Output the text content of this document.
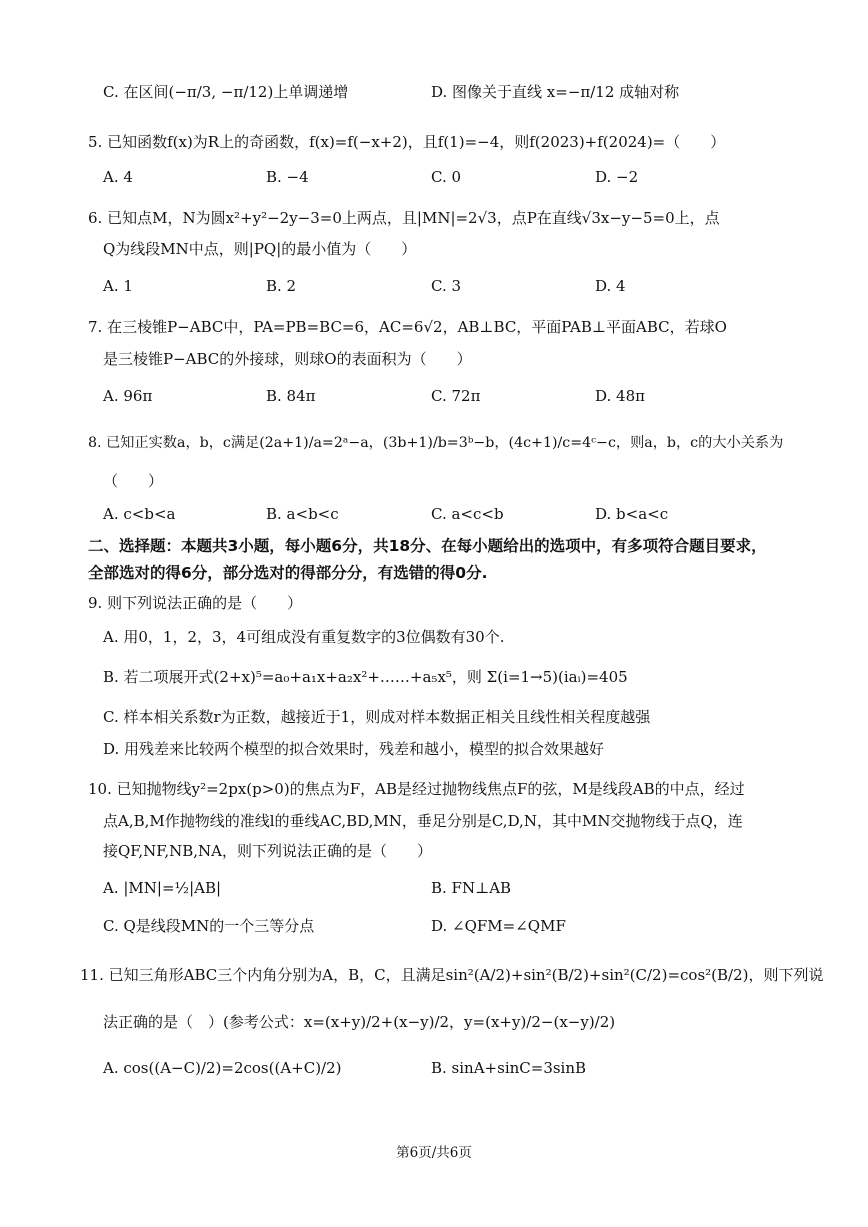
C. 在区间(−π/3, −π/12)上单调递增	D. 图像关于直线 x=−π/12 成轴对称
5. 已知函数f(x)为R上的奇函数，f(x)=f(−x+2)，且f(1)=−4，则f(2023)+f(2024)=（　　）
A. 4	B. −4	C. 0	D. −2
6. 已知点M，N为圆x²+y²−2y−3=0上两点，且|MN|=2√3，点P在直线√3x−y−5=0上，点
Q为线段MN中点，则|PQ|的最小值为（　　）
A. 1	B. 2	C. 3	D. 4
7. 在三棱锥P−ABC中，PA=PB=BC=6，AC=6√2，AB⊥BC，平面PAB⊥平面ABC，若球O
是三棱锥P−ABC的外接球，则球O的表面积为（　　）
A. 96π	B. 84π	C. 72π	D. 48π
8. 已知正实数a，b，c满足(2a+1)/a=2ᵃ−a，(3b+1)/b=3ᵇ−b，(4c+1)/c=4ᶜ−c，则a，b，c的大小关系为
（　　）
A. c<b<a	B. a<b<c	C. a<c<b	D. b<a<c
二、选择题：本题共3小题，每小题6分，共18分、在每小题给出的选项中，有多项符合题目要求，
全部选对的得6分，部分选对的得部分分，有选错的得0分.
9. 则下列说法正确的是（　　）
A. 用0，1，2，3，4可组成没有重复数字的3位偶数有30个.
B. 若二项展开式(2+x)⁵=a₀+a₁x+a₂x²+……+a₅x⁵，则 Σ(i=1→5)(iaᵢ)=405
C. 样本相关系数r为正数，越接近于1，则成对样本数据正相关且线性相关程度越强
D. 用残差来比较两个模型的拟合效果时，残差和越小，模型的拟合效果越好
10. 已知抛物线y²=2px(p>0)的焦点为F，AB是经过抛物线焦点F的弦，M是线段AB的中点，经过
点A,B,M作抛物线的准线l的垂线AC,BD,MN，垂足分别是C,D,N，其中MN交抛物线于点Q，连
接QF,NF,NB,NA，则下列说法正确的是（　　）
A. |MN|=½|AB|	B. FN⊥AB
C. Q是线段MN的一个三等分点	D. ∠QFM=∠QMF
11. 已知三角形ABC三个内角分别为A，B，C，且满足sin²(A/2)+sin²(B/2)+sin²(C/2)=cos²(B/2)，则下列说
法正确的是（　）(参考公式：x=(x+y)/2+(x−y)/2，y=(x+y)/2−(x−y)/2)
A. cos((A−C)/2)=2cos((A+C)/2)	B. sinA+sinC=3sinB
第6页/共6页
